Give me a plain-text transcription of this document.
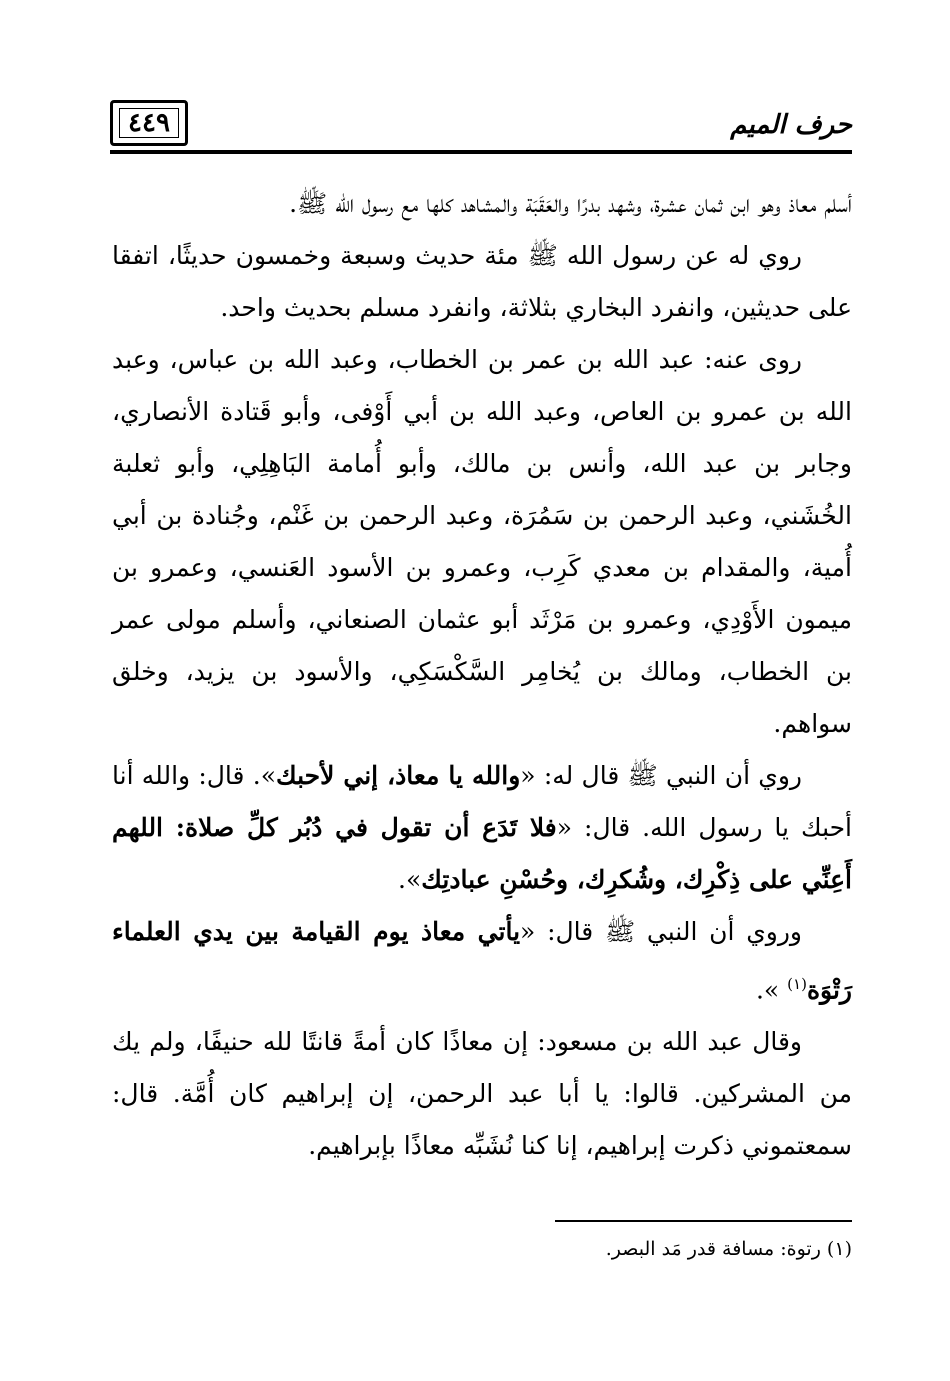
٤٤٩	حرف الميم

أسلم معاذ وهو ابن ثمان عشرة، وشهد بدرًا والعَقَبَة والمشاهد كلها مع رسول الله ﷺ.

روي له عن رسول الله ﷺ مئة حديث وسبعة وخمسون حديثًا، اتفقا على حديثين، وانفرد البخاري بثلاثة، وانفرد مسلم بحديث واحد.

روى عنه: عبد الله بن عمر بن الخطاب، وعبد الله بن عباس، وعبد الله بن عمرو بن العاص، وعبد الله بن أبي أَوْفى، وأبو قَتادة الأنصاري، وجابر بن عبد الله، وأنس بن مالك، وأبو أُمامة البَاهِلِي، وأبو ثعلبة الخُشَني، وعبد الرحمن بن سَمُرَة، وعبد الرحمن بن غَنْم، وجُنادة بن أبي أُمية، والمقدام بن معدي كَرِب، وعمرو بن الأسود العَنسي، وعمرو بن ميمون الأَوْدِي، وعمرو بن مَرْثَد أبو عثمان الصنعاني، وأسلم مولى عمر بن الخطاب، ومالك بن يُخامِر السَّكْسَكِي، والأسود بن يزيد، وخلق سواهم.

روي أن النبي ﷺ قال له: «والله يا معاذ، إني لأحبك». قال: والله أنا أحبك يا رسول الله. قال: «فلا تَدَع أن تقول في دُبُر كلِّ صلاة: اللهم أَعِنِّي على ذِكْرِك، وشُكرِك، وحُسْنِ عبادتِك».

وروي أن النبي ﷺ قال: «يأتي معاذ يوم القيامة بين يدي العلماء رَتْوَة$^{(١)}$ ».

وقال عبد الله بن مسعود: إن معاذًا كان أمةً قانتًا لله حنيفًا، ولم يك من المشركين. قالوا: يا أبا عبد الرحمن، إن إبراهيم كان أُمَّة. قال: سمعتموني ذكرت إبراهيم، إنا كنا نُشَبِّه معاذًا بإبراهيم.

(١) رتوة: مسافة قدر مَد البصر.
